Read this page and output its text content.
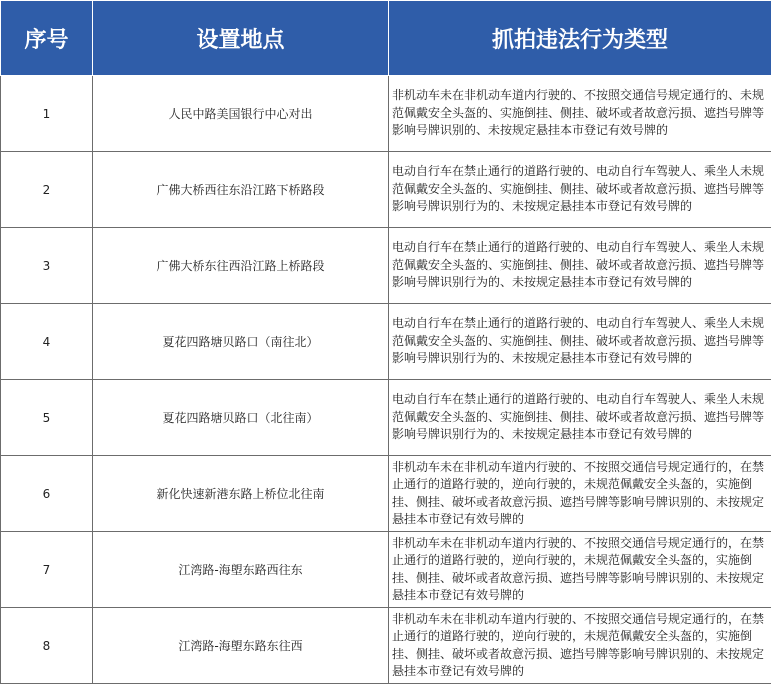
序号	设置地点	抓拍违法行为类型
1	人民中路美国银行中心对出	非机动车未在非机动车道内行驶的、不按照交通信号规定通行的、未规范佩戴安全头盔的、实施倒挂、侧挂、破坏或者故意污损、遮挡号牌等影响号牌识别的、未按规定悬挂本市登记有效号牌的
2	广佛大桥西往东沿江路下桥路段	电动自行车在禁止通行的道路行驶的、电动自行车驾驶人、乘坐人未规范佩戴安全头盔的、实施倒挂、侧挂、破坏或者故意污损、遮挡号牌等影响号牌识别行为的、未按规定悬挂本市登记有效号牌的
3	广佛大桥东往西沿江路上桥路段	电动自行车在禁止通行的道路行驶的、电动自行车驾驶人、乘坐人未规范佩戴安全头盔的、实施倒挂、侧挂、破坏或者故意污损、遮挡号牌等影响号牌识别行为的、未按规定悬挂本市登记有效号牌的
4	夏花四路塘贝路口（南往北）	电动自行车在禁止通行的道路行驶的、电动自行车驾驶人、乘坐人未规范佩戴安全头盔的、实施倒挂、侧挂、破坏或者故意污损、遮挡号牌等影响号牌识别行为的、未按规定悬挂本市登记有效号牌的
5	夏花四路塘贝路口（北往南）	电动自行车在禁止通行的道路行驶的、电动自行车驾驶人、乘坐人未规范佩戴安全头盔的、实施倒挂、侧挂、破坏或者故意污损、遮挡号牌等影响号牌识别行为的、未按规定悬挂本市登记有效号牌的
6	新化快速新港东路上桥位北往南	非机动车未在非机动车道内行驶的、不按照交通信号规定通行的，在禁止通行的道路行驶的，逆向行驶的，未规范佩戴安全头盔的，实施倒挂、侧挂、破坏或者故意污损、遮挡号牌等影响号牌识别的、未按规定悬挂本市登记有效号牌的
7	江湾路-海塱东路西往东	非机动车未在非机动车道内行驶的、不按照交通信号规定通行的，在禁止通行的道路行驶的，逆向行驶的，未规范佩戴安全头盔的，实施倒挂、侧挂、破坏或者故意污损、遮挡号牌等影响号牌识别的、未按规定悬挂本市登记有效号牌的
8	江湾路-海塱东路东往西	非机动车未在非机动车道内行驶的、不按照交通信号规定通行的，在禁止通行的道路行驶的，逆向行驶的，未规范佩戴安全头盔的，实施倒挂、侧挂、破坏或者故意污损、遮挡号牌等影响号牌识别的、未按规定悬挂本市登记有效号牌的
